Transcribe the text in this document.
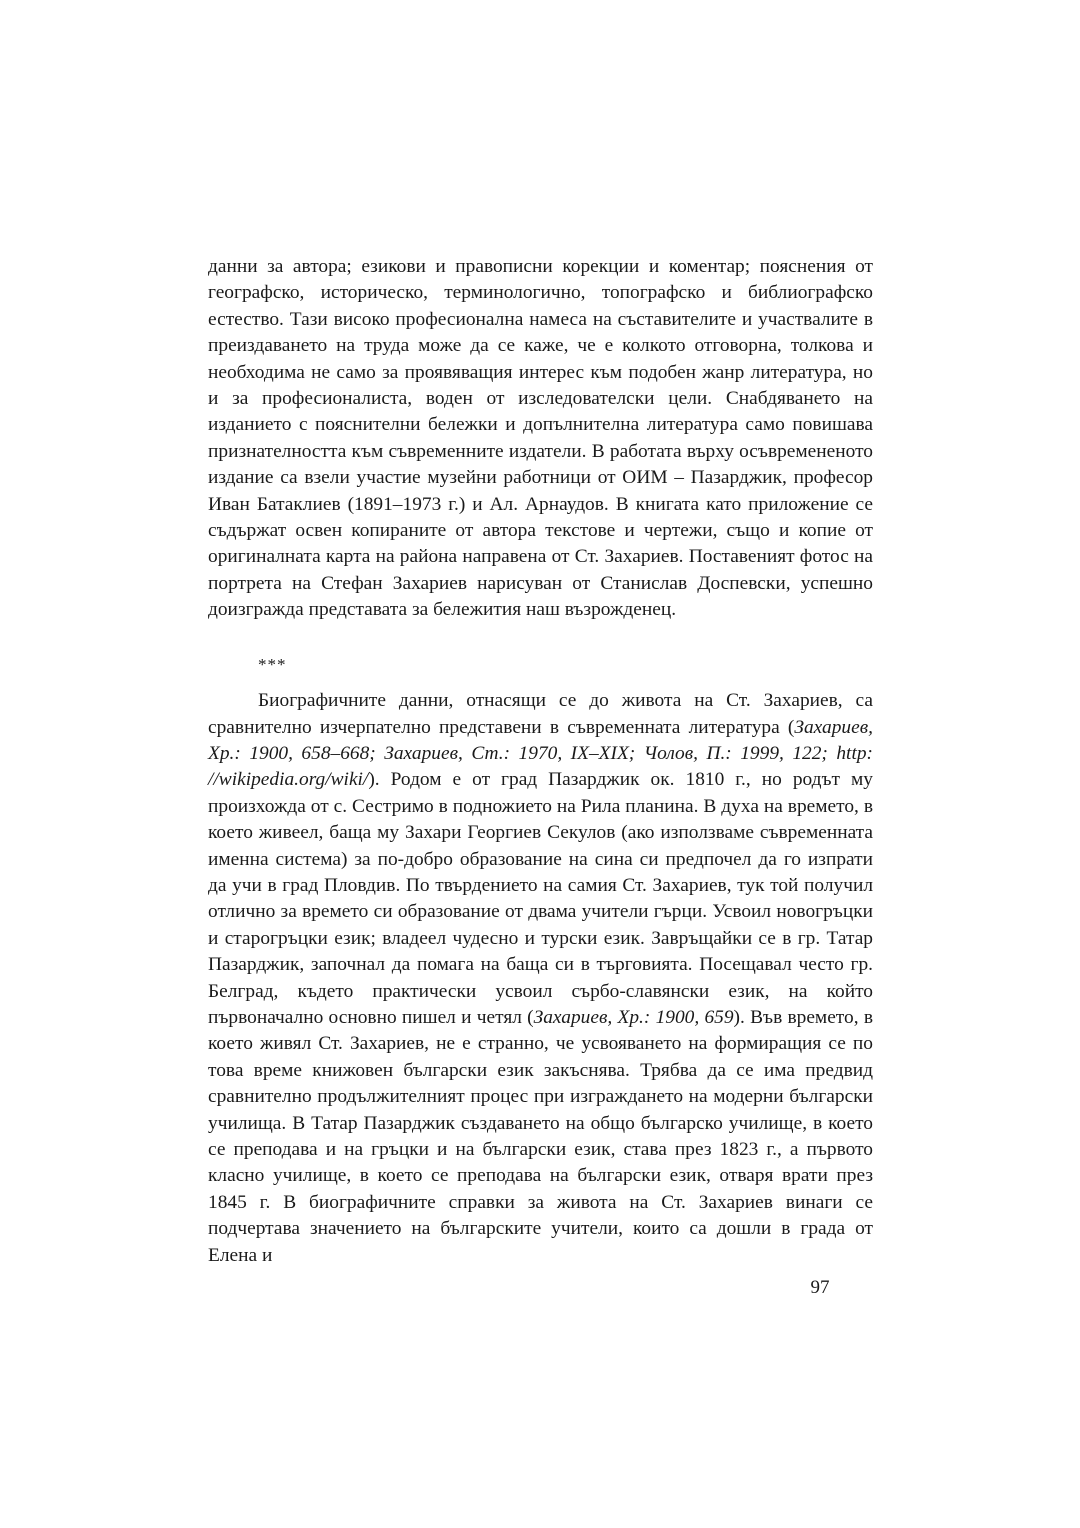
данни за автора; езикови и правописни корекции и коментар; пояснения от географско, историческо, терминологично, топографско и библиографско естество. Тази високо професионална намеса на съставителите и участвалите в преиздаването на труда може да се каже, че е колкото отговорна, толкова и необходима не само за проявяващия интерес към подобен жанр литература, но и за професионалиста, воден от изследователски цели. Снабдяването на изданието с пояснителни бележки и допълнителна литература само повишава признателността към съвременните издатели. В работата върху осъвремененото издание са взели участие музейни работници от ОИМ – Пазарджик, професор Иван Батаклиев (1891–1973 г.) и Ал. Арнаудов. В книгата като приложение се съдържат освен копираните от автора текстове и чертежи, също и копие от оригиналната карта на района направена от Ст. Захариев. Поставеният фотос на портрета на Стефан Захариев нарисуван от Станислав Доспевски, успешно доизгражда представата за бележития наш възрожденец.

***

Биографичните данни, отнасящи се до живота на Ст. Захариев, са сравнително изчерпателно представени в съвременната литература (Захариев, Хр.: 1900, 658–668; Захариев, Ст.: 1970, IX–XIX; Чолов, П.: 1999, 122; http: //wikipedia.org/wiki/). Родом е от град Пазарджик ок. 1810 г., но родът му произхожда от с. Сестримо в подножието на Рила планина. В духа на времето, в което живеел, баща му Захари Георгиев Секулов (ако използваме съвременната именна система) за по-добро образование на сина си предпочел да го изпрати да учи в град Пловдив. По твърдението на самия Ст. Захариев, тук той получил отлично за времето си образование от двама учители гърци. Усвоил новогръцки и старогръцки език; владеел чудесно и турски език. Завръщайки се в гр. Татар Пазарджик, започнал да помага на баща си в търговията. Посещавал често гр. Белград, където практически усвоил сърбо-славянски език, на който първоначално основно пишел и четял (Захариев, Хр.: 1900, 659). Във времето, в което живял Ст. Захариев, не е странно, че усвояването на формиращия се по това време книжовен български език закъснява. Трябва да се има предвид сравнително продължителният процес при изграждането на модерни български училища. В Татар Пазарджик създаването на общо българско училище, в което се преподава и на гръцки и на български език, става през 1823 г., а първото класно училище, в което се преподава на български език, отваря врати през 1845 г. В биографичните справки за живота на Ст. Захариев винаги се подчертава значението на българските учители, които са дошли в града от Елена и

97
